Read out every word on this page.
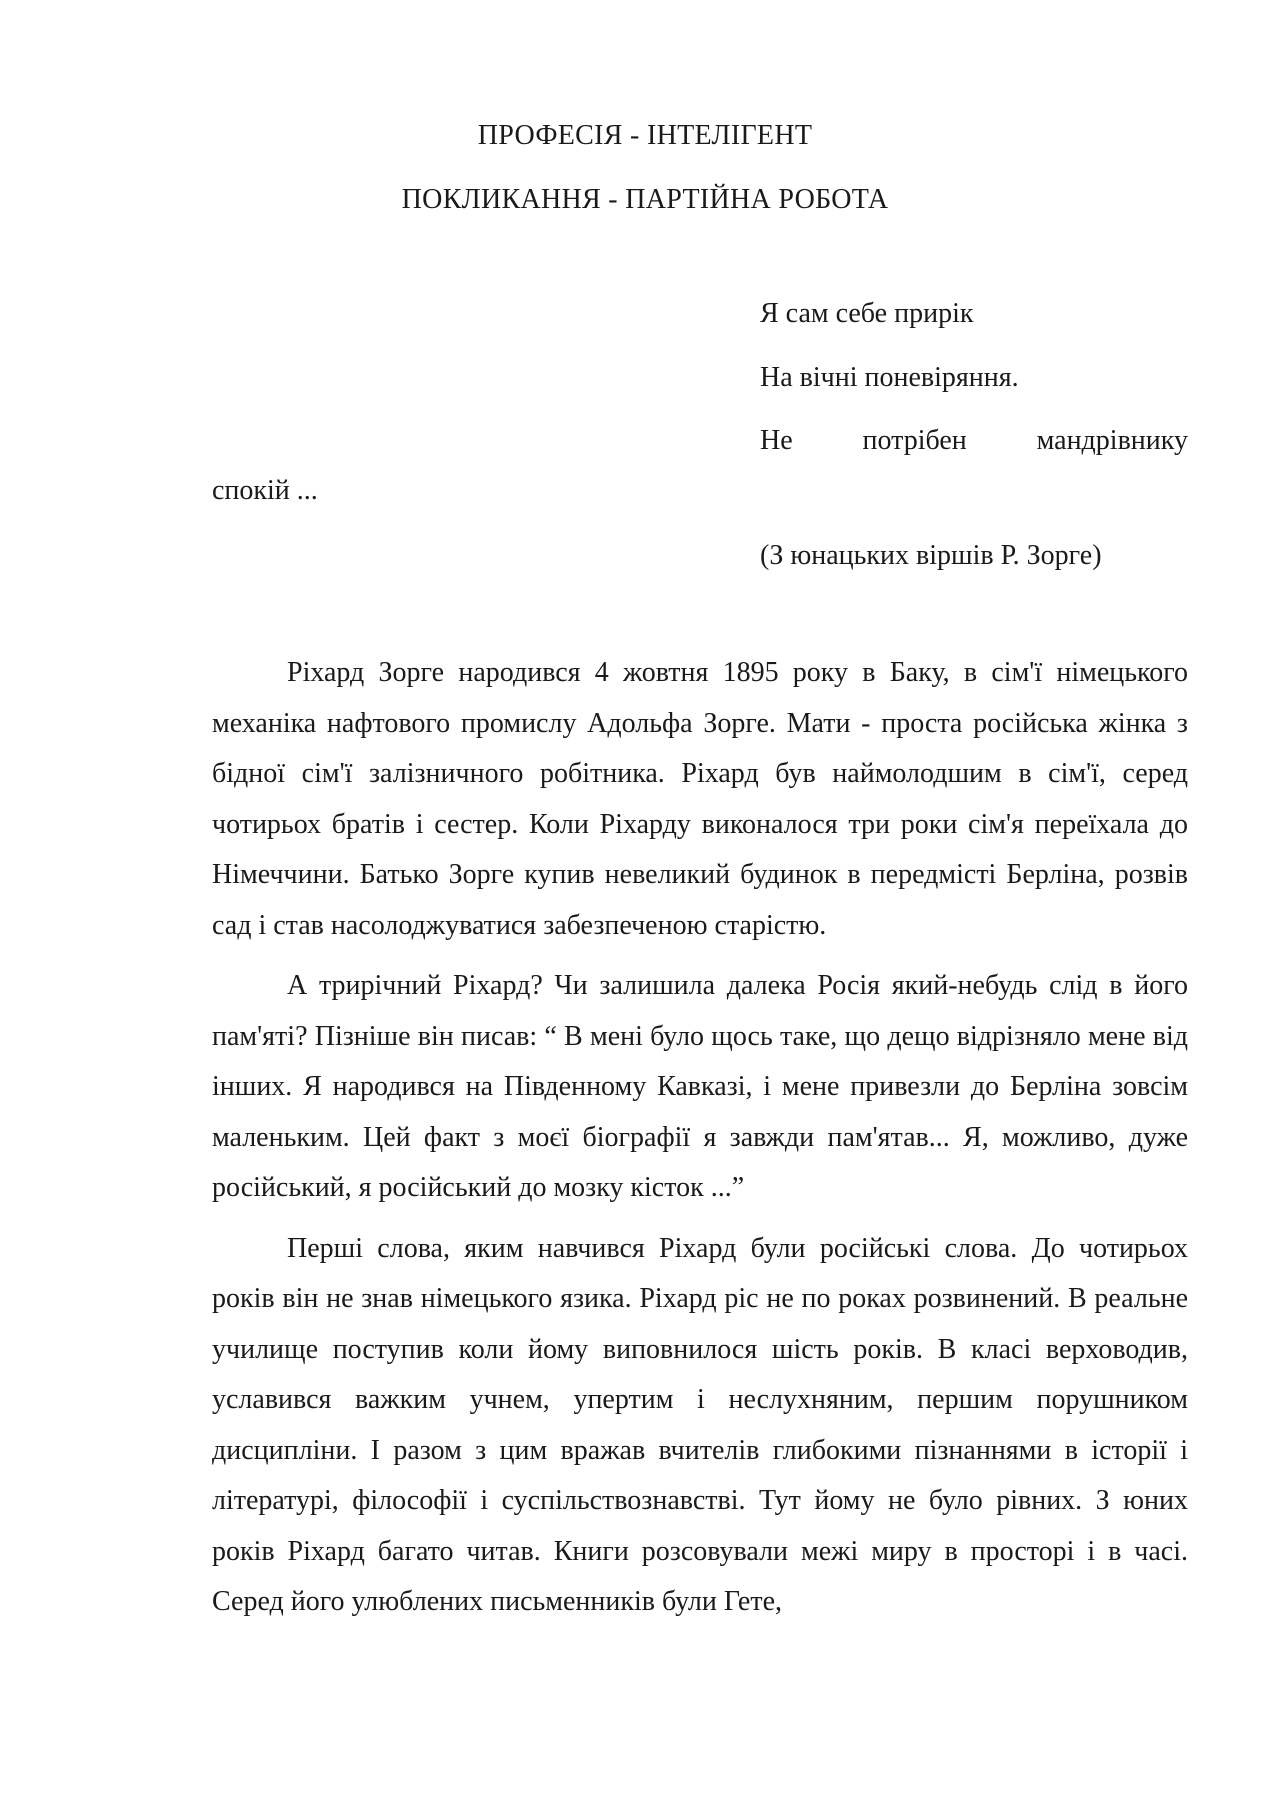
ПРОФЕСІЯ - ІНТЕЛІГЕНТ
ПОКЛИКАННЯ - ПАРТІЙНА РОБОТА
Я сам себе прирік
На вічні поневіряння.
Не потрібен мандрівнику
спокій ...
(З юнацьких віршів Р. Зорге)

Ріхард Зорге народився 4 жовтня 1895 року в Баку, в сім'ї німецького механіка нафтового промислу Адольфа Зорге. Мати - проста російська жінка з бідної сім'ї залізничного робітника. Ріхард був наймолодшим в сім'ї, серед чотирьох братів і сестер. Коли Ріхарду виконалося три роки сім'я переїхала до Німеччини. Батько Зорге купив невеликий будинок в передмісті Берліна, розвів сад і став насолоджуватися забезпеченою старістю.

А трирічний Ріхард? Чи залишила далека Росія який-небудь слід в його пам'яті? Пізніше він писав: “ В мені було щось таке, що дещо відрізняло мене від інших. Я народився на Південному Кавказі, і мене привезли до Берліна зовсім маленьким. Цей факт з моєї біографії я завжди пам'ятав... Я, можливо, дуже російський, я російський до мозку кісток ...”

Перші слова, яким навчився Ріхард були російські слова. До чотирьох років він не знав німецького язика. Ріхард ріс не по роках розвинений. В реальне училище поступив коли йому виповнилося шість років. В класі верховодив, уславився важким учнем, упертим і неслухняним, першим порушником дисципліни. І разом з цим вражав вчителів глибокими пізнаннями в історії і літературі, філософії і суспільствознавстві. Тут йому не було рівних. З юних років Ріхард багато читав. Книги розсовували межі миру в просторі і в часі. Серед його улюблених письменників були Гете,
